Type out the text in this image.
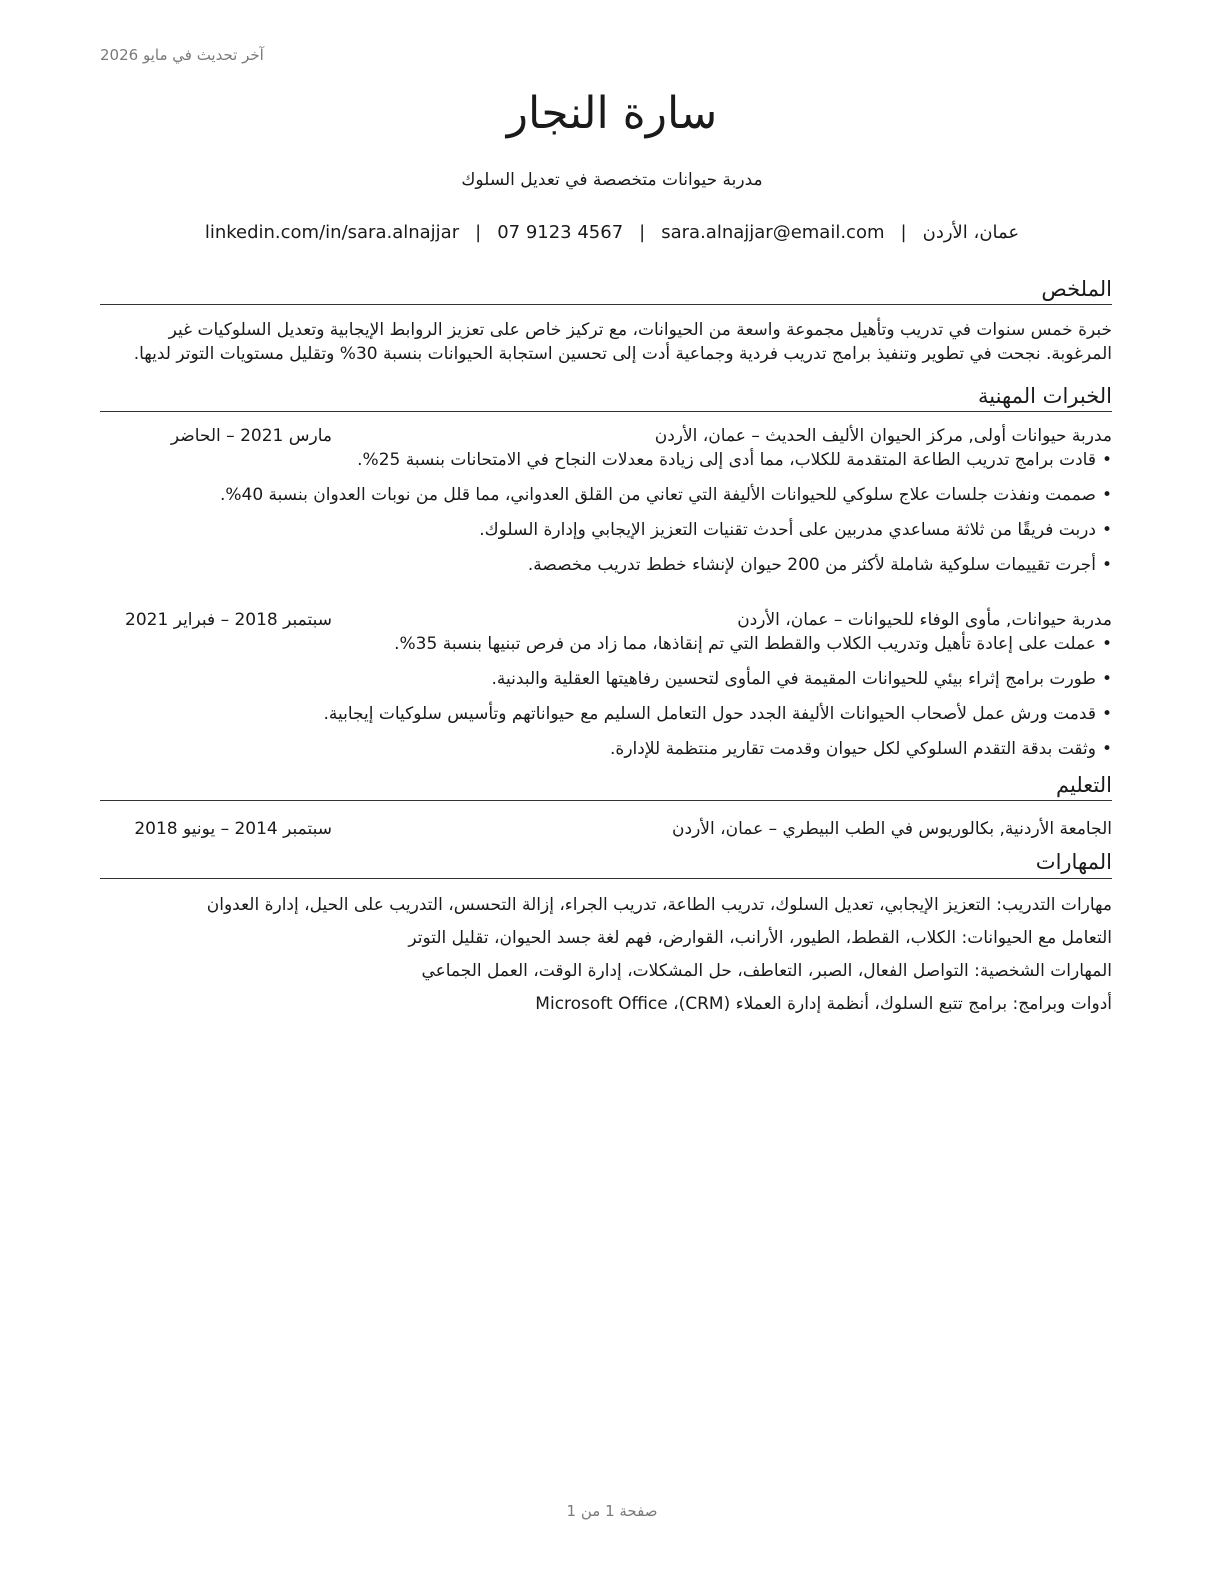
آخر تحديث في مايو 2026
سارة النجار
مدربة حيوانات متخصصة في تعديل السلوك
عمان، الأردن|sara.alnajjar@email.com|07 9123 4567|linkedin.com/in/sara.alnajjar
الملخص

خبرة خمس سنوات في تدريب وتأهيل مجموعة واسعة من الحيوانات، مع تركيز خاص على تعزيز الروابط الإيجابية وتعديل السلوكيات غير المرغوبة. نجحت في تطوير وتنفيذ برامج تدريب فردية وجماعية أدت إلى تحسين استجابة الحيوانات بنسبة 30% وتقليل مستويات التوتر لديها.

الخبرات المهنية
مدربة حيوانات أولى, مركز الحيوان الأليف الحديث – عمان، الأردن
مارس 2021 – الحاضر
•قادت برامج تدريب الطاعة المتقدمة للكلاب، مما أدى إلى زيادة معدلات النجاح في الامتحانات بنسبة 25%.
•صممت ونفذت جلسات علاج سلوكي للحيوانات الأليفة التي تعاني من القلق العدواني، مما قلل من نوبات العدوان بنسبة 40%.
•دربت فريقًا من ثلاثة مساعدي مدربين على أحدث تقنيات التعزيز الإيجابي وإدارة السلوك.
•أجرت تقييمات سلوكية شاملة لأكثر من 200 حيوان لإنشاء خطط تدريب مخصصة.
مدربة حيوانات, مأوى الوفاء للحيوانات – عمان، الأردن
سبتمبر 2018 – فبراير 2021
•عملت على إعادة تأهيل وتدريب الكلاب والقطط التي تم إنقاذها، مما زاد من فرص تبنيها بنسبة 35%.
•طورت برامج إثراء بيئي للحيوانات المقيمة في المأوى لتحسين رفاهيتها العقلية والبدنية.
•قدمت ورش عمل لأصحاب الحيوانات الأليفة الجدد حول التعامل السليم مع حيواناتهم وتأسيس سلوكيات إيجابية.
•وثقت بدقة التقدم السلوكي لكل حيوان وقدمت تقارير منتظمة للإدارة.
التعليم
الجامعة الأردنية, بكالوريوس في الطب البيطري – عمان، الأردن
سبتمبر 2014 – يونيو 2018
المهارات
مهارات التدريب: التعزيز الإيجابي، تعديل السلوك، تدريب الطاعة، تدريب الجراء، إزالة التحسس، التدريب على الحيل، إدارة العدوان
التعامل مع الحيوانات: الكلاب، القطط، الطيور، الأرانب، القوارض، فهم لغة جسد الحيوان، تقليل التوتر
المهارات الشخصية: التواصل الفعال، الصبر، التعاطف، حل المشكلات، إدارة الوقت، العمل الجماعي
أدوات وبرامج: برامج تتبع السلوك، أنظمة إدارة العملاء (CRM)، Microsoft Office
صفحة 1 من 1
